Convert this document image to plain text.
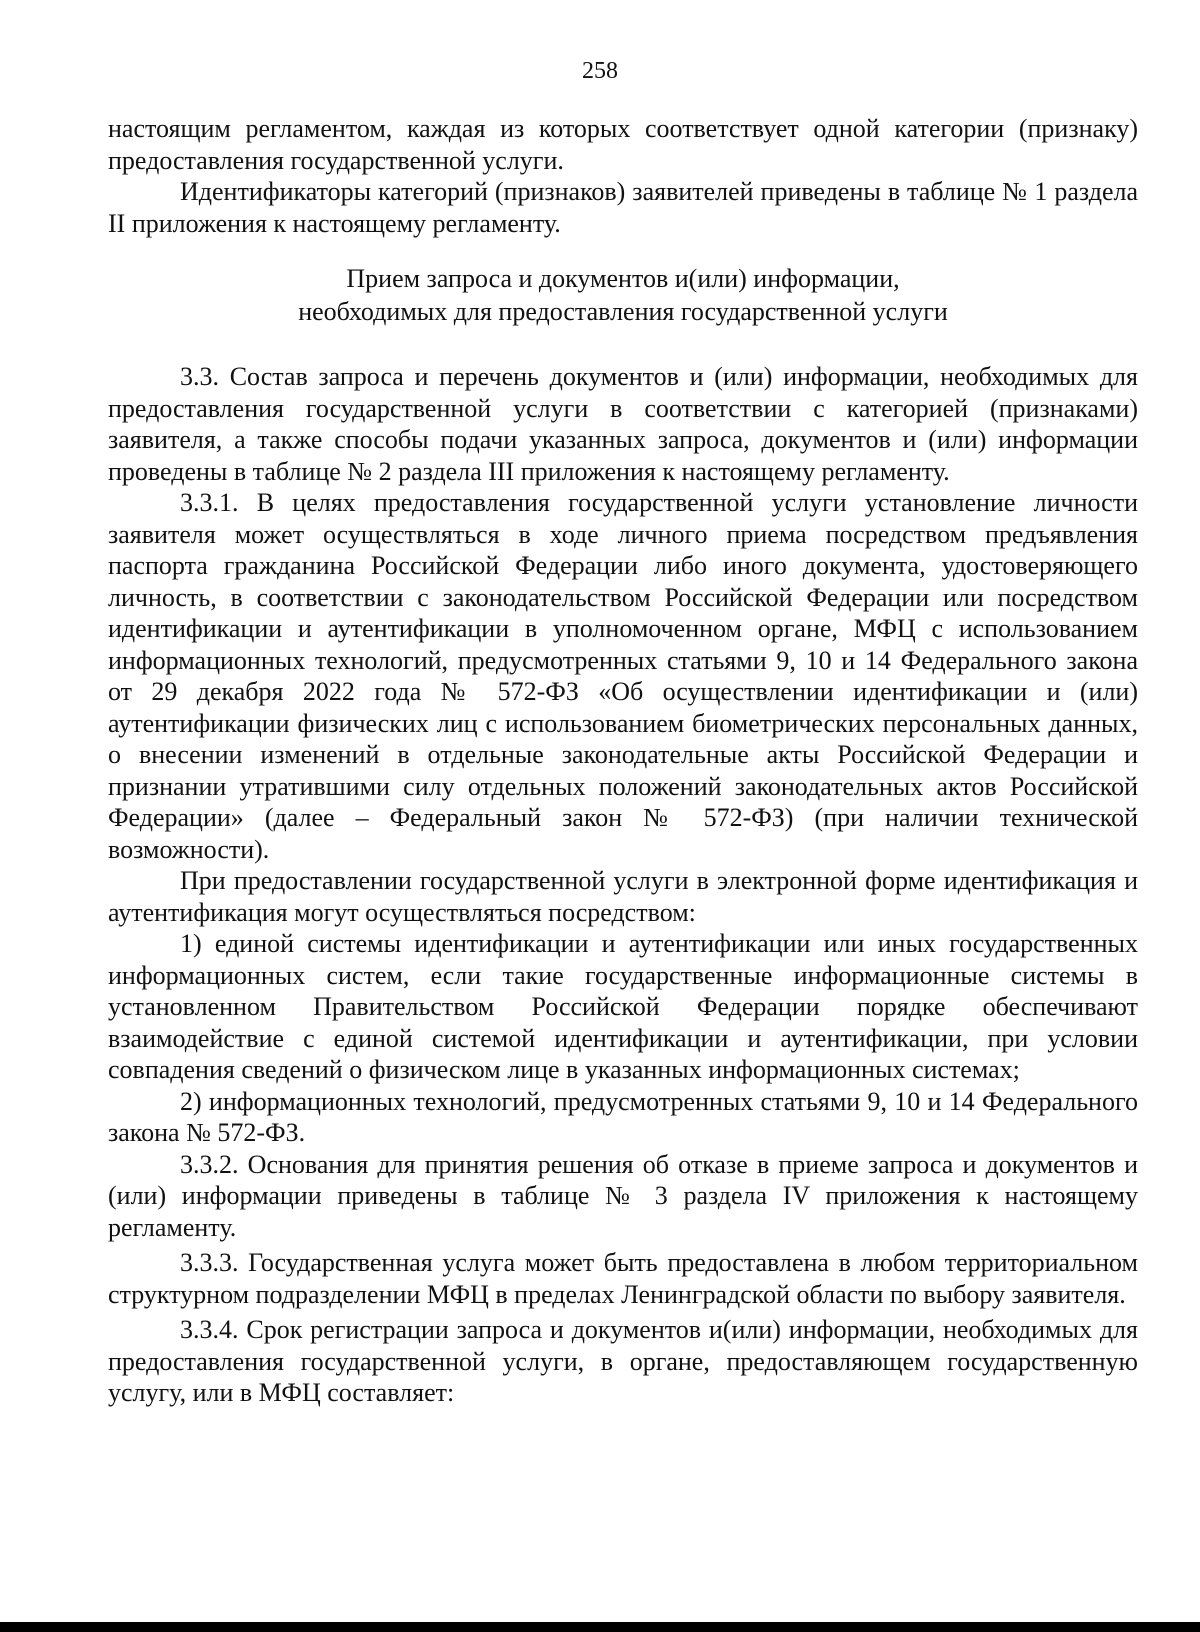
258

настоящим регламентом, каждая из которых соответствует одной категории (признаку) предоставления государственной услуги.

Идентификаторы категорий (признаков) заявителей приведены в таблице № 1 раздела II приложения к настоящему регламенту.

Прием запроса и документов и(или) информации,
необходимых для предоставления государственной услуги

3.3. Состав запроса и перечень документов и (или) информации, необходимых для предоставления государственной услуги в соответствии с категорией (признаками) заявителя, а также способы подачи указанных запроса, документов и (или) информации проведены в таблице № 2 раздела III приложения к настоящему регламенту.

3.3.1. В целях предоставления государственной услуги установление личности заявителя может осуществляться в ходе личного приема посредством предъявления паспорта гражданина Российской Федерации либо иного документа, удостоверяющего личность, в соответствии с законодательством Российской Федерации или посредством идентификации и аутентификации в уполномоченном органе, МФЦ с использованием информационных технологий, предусмотренных статьями 9, 10 и 14 Федерального закона от 29 декабря 2022 года № 572-ФЗ «Об осуществлении идентификации и (или) аутентификации физических лиц с использованием биометрических персональных данных, о внесении изменений в отдельные законодательные акты Российской Федерации и признании утратившими силу отдельных положений законодательных актов Российской Федерации» (далее – Федеральный закон № 572-ФЗ) (при наличии технической возможности).

При предоставлении государственной услуги в электронной форме идентификация и аутентификация могут осуществляться посредством:

1) единой системы идентификации и аутентификации или иных государственных информационных систем, если такие государственные информационные системы в установленном Правительством Российской Федерации порядке обеспечивают взаимодействие с единой системой идентификации и аутентификации, при условии совпадения сведений о физическом лице в указанных информационных системах;

2) информационных технологий, предусмотренных статьями 9, 10 и 14 Федерального закона № 572-ФЗ.

3.3.2. Основания для принятия решения об отказе в приеме запроса и документов и (или) информации приведены в таблице № 3 раздела IV приложения к настоящему регламенту.

3.3.3. Государственная услуга может быть предоставлена в любом территориальном структурном подразделении МФЦ в пределах Ленинградской области по выбору заявителя.

3.3.4. Срок регистрации запроса и документов и(или) информации, необходимых для предоставления государственной услуги, в органе, предоставляющем государственную услугу, или в МФЦ составляет:
